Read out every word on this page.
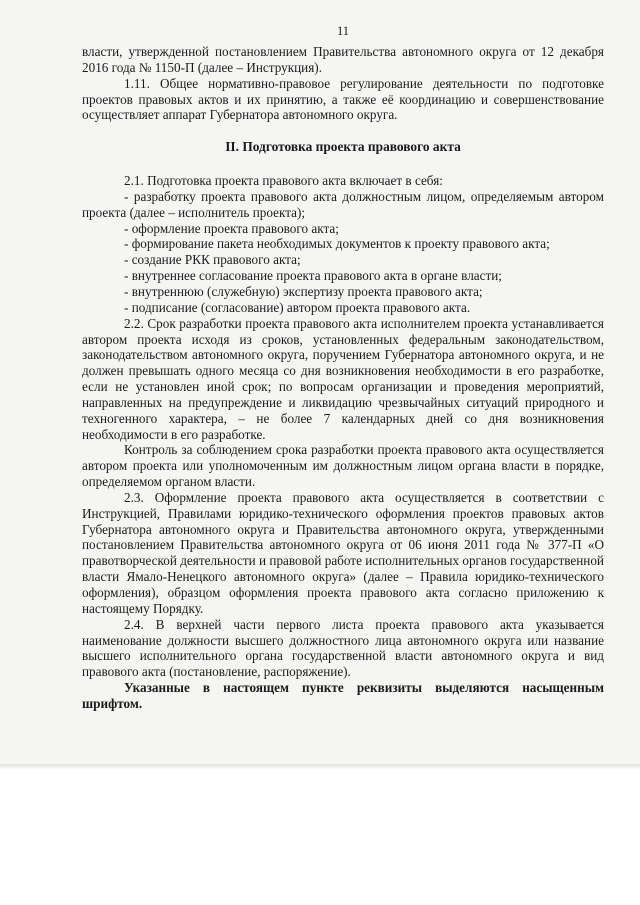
11

власти, утвержденной постановлением Правительства автономного округа от 12 декабря 2016 года № 1150-П (далее – Инструкция).

1.11. Общее нормативно-правовое регулирование деятельности по подготовке проектов правовых актов и их принятию, а также её координацию и совершенствование осуществляет аппарат Губернатора автономного округа.

II. Подготовка проекта правового акта

2.1. Подготовка проекта правового акта включает в себя:

- разработку проекта правового акта должностным лицом, определяемым автором проекта (далее – исполнитель проекта);

- оформление проекта правового акта;

- формирование пакета необходимых документов к проекту правового акта;

- создание РКК правового акта;

- внутреннее согласование проекта правового акта в органе власти;

- внутреннюю (служебную) экспертизу проекта правового акта;

- подписание (согласование) автором проекта правового акта.

2.2. Срок разработки проекта правового акта исполнителем проекта устанавливается автором проекта исходя из сроков, установленных федеральным законодательством, законодательством автономного округа, поручением Губернатора автономного округа, и не должен превышать одного месяца со дня возникновения необходимости в его разработке, если не установлен иной срок; по вопросам организации и проведения мероприятий, направленных на предупреждение и ликвидацию чрезвычайных ситуаций природного и техногенного характера, – не более 7 календарных дней со дня возникновения необходимости в его разработке.

Контроль за соблюдением срока разработки проекта правового акта осуществляется автором проекта или уполномоченным им должностным лицом органа власти в порядке, определяемом органом власти.

2.3. Оформление проекта правового акта осуществляется в соответствии с Инструкцией, Правилами юридико-технического оформления проектов правовых актов Губернатора автономного округа и Правительства автономного округа, утвержденными постановлением Правительства автономного округа от 06 июня 2011 года № 377-П «О правотворческой деятельности и правовой работе исполнительных органов государственной власти Ямало-Ненецкого автономного округа» (далее – Правила юридико-технического оформления), образцом оформления проекта правового акта согласно приложению к настоящему Порядку.

2.4. В верхней части первого листа проекта правового акта указывается наименование должности высшего должностного лица автономного округа или название высшего исполнительного органа государственной власти автономного округа и вид правового акта (постановление, распоряжение).

Указанные в настоящем пункте реквизиты выделяются насыщенным шрифтом.
